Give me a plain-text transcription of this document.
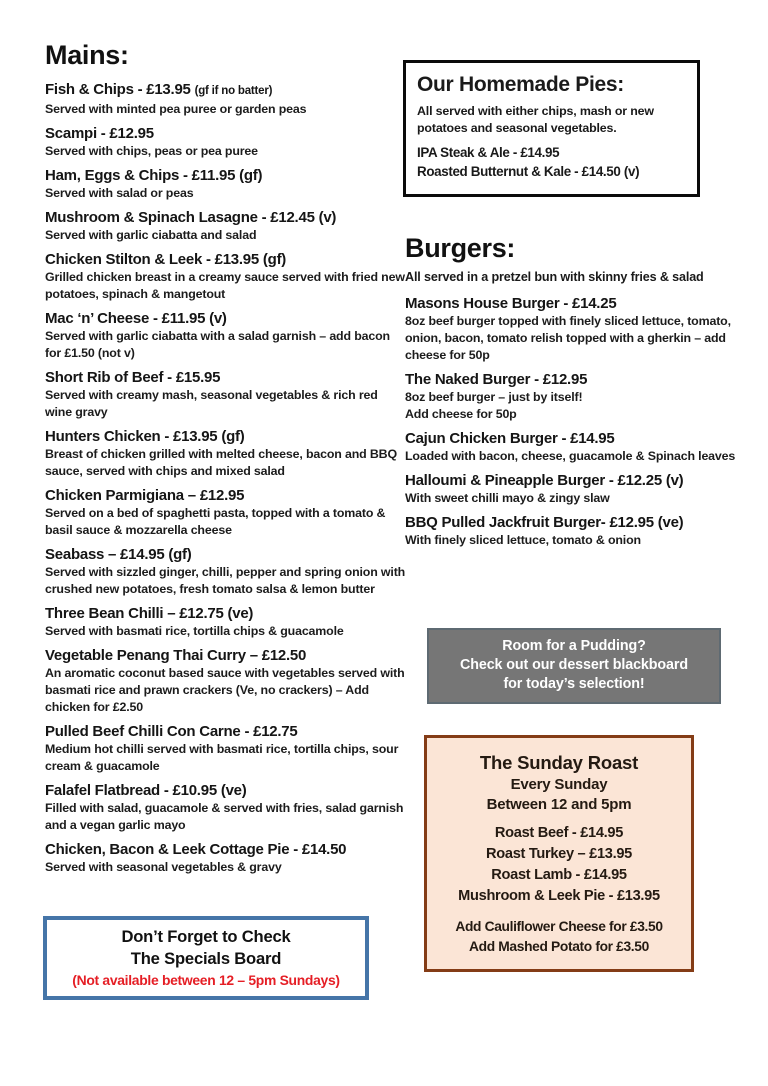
Mains:
Fish & Chips - £13.95 (gf if no batter)
Served with minted pea puree or garden peas
Scampi - £12.95
Served with chips, peas or pea puree
Ham, Eggs & Chips - £11.95 (gf)
Served with salad or peas
Mushroom & Spinach Lasagne - £12.45 (v)
Served with garlic ciabatta and salad
Chicken Stilton & Leek - £13.95 (gf)
Grilled chicken breast in a creamy sauce served with fried new potatoes, spinach & mangetout
Mac ‘n’ Cheese - £11.95 (v)
Served with garlic ciabatta with a salad garnish – add bacon for £1.50 (not v)
Short Rib of Beef - £15.95
Served with creamy mash, seasonal vegetables & rich red wine gravy
Hunters Chicken - £13.95 (gf)
Breast of chicken grilled with melted cheese, bacon and BBQ sauce, served with chips and mixed salad
Chicken Parmigiana – £12.95
Served on a bed of spaghetti pasta, topped with a tomato & basil sauce & mozzarella cheese
Seabass – £14.95 (gf)
Served with sizzled ginger, chilli, pepper and spring onion with crushed new potatoes, fresh tomato salsa & lemon butter
Three Bean Chilli – £12.75 (ve)
Served with basmati rice, tortilla chips & guacamole
Vegetable Penang Thai Curry – £12.50
An aromatic coconut based sauce with vegetables served with basmati rice and prawn crackers (Ve, no crackers) – Add chicken for £2.50
Pulled Beef Chilli Con Carne - £12.75
Medium hot chilli served with basmati rice, tortilla chips, sour cream & guacamole
Falafel Flatbread - £10.95 (ve)
Filled with salad, guacamole & served with fries, salad garnish and a vegan garlic mayo
Chicken, Bacon & Leek Cottage Pie - £14.50
Served with seasonal vegetables & gravy
Our Homemade Pies:
All served with either chips, mash or new potatoes and seasonal vegetables.
IPA Steak & Ale - £14.95
Roasted Butternut & Kale - £14.50 (v)
Burgers:
All served in a pretzel bun with skinny fries & salad
Masons House Burger - £14.25
8oz beef burger topped with finely sliced lettuce, tomato, onion, bacon, tomato relish topped with a gherkin – add cheese for 50p
The Naked Burger - £12.95
8oz beef burger – just by itself!
Add cheese for 50p
Cajun Chicken Burger - £14.95
Loaded with bacon, cheese, guacamole & Spinach leaves
Halloumi & Pineapple Burger - £12.25 (v)
With sweet chilli mayo & zingy slaw
BBQ Pulled Jackfruit Burger- £12.95 (ve)
With finely sliced lettuce, tomato & onion
Room for a Pudding?
Check out our dessert blackboard
for today’s selection!
The Sunday Roast
Every Sunday
Between 12 and 5pm
Roast Beef - £14.95
Roast Turkey – £13.95
Roast Lamb - £14.95
Mushroom & Leek Pie - £13.95
Add Cauliflower Cheese for £3.50
Add Mashed Potato for £3.50
Don’t Forget to Check
The Specials Board
(Not available between 12 – 5pm Sundays)
